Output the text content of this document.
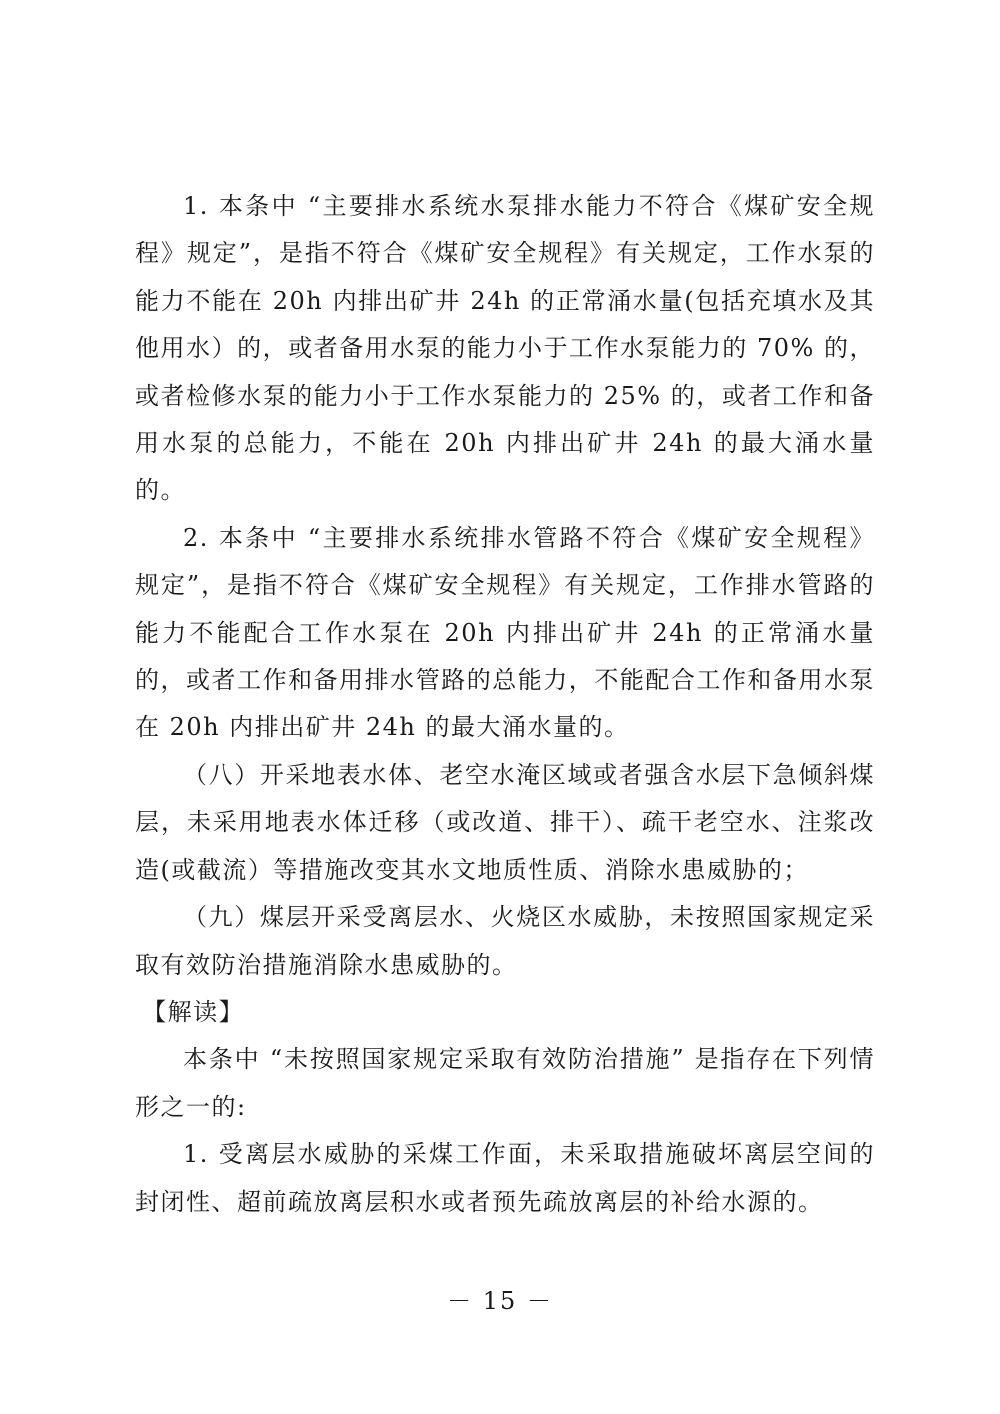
1. 本条中 “主要排水系统水泵排水能力不符合《煤矿安全规程》规定”，是指不符合《煤矿安全规程》有关规定，工作水泵的能力不能在 20h 内排出矿井 24h 的正常涌水量(包括充填水及其他用水）的，或者备用水泵的能力小于工作水泵能力的 70% 的，或者检修水泵的能力小于工作水泵能力的 25% 的，或者工作和备用水泵的总能力，不能在 20h 内排出矿井 24h 的最大涌水量的。

2. 本条中 “主要排水系统排水管路不符合《煤矿安全规程》规定”，是指不符合《煤矿安全规程》有关规定，工作排水管路的能力不能配合工作水泵在 20h 内排出矿井 24h 的正常涌水量的，或者工作和备用排水管路的总能力，不能配合工作和备用水泵在 20h 内排出矿井 24h 的最大涌水量的。

（八）开采地表水体、老空水淹区域或者强含水层下急倾斜煤层，未采用地表水体迁移（或改道、排干）、疏干老空水、注浆改造(或截流）等措施改变其水文地质性质、消除水患威胁的；

（九）煤层开采受离层水、火烧区水威胁，未按照国家规定采取有效防治措施消除水患威胁的。

【解读】

本条中 “未按照国家规定采取有效防治措施” 是指存在下列情形之一的:

1. 受离层水威胁的采煤工作面，未采取措施破坏离层空间的封闭性、超前疏放离层积水或者预先疏放离层的补给水源的。

－ 15 －
